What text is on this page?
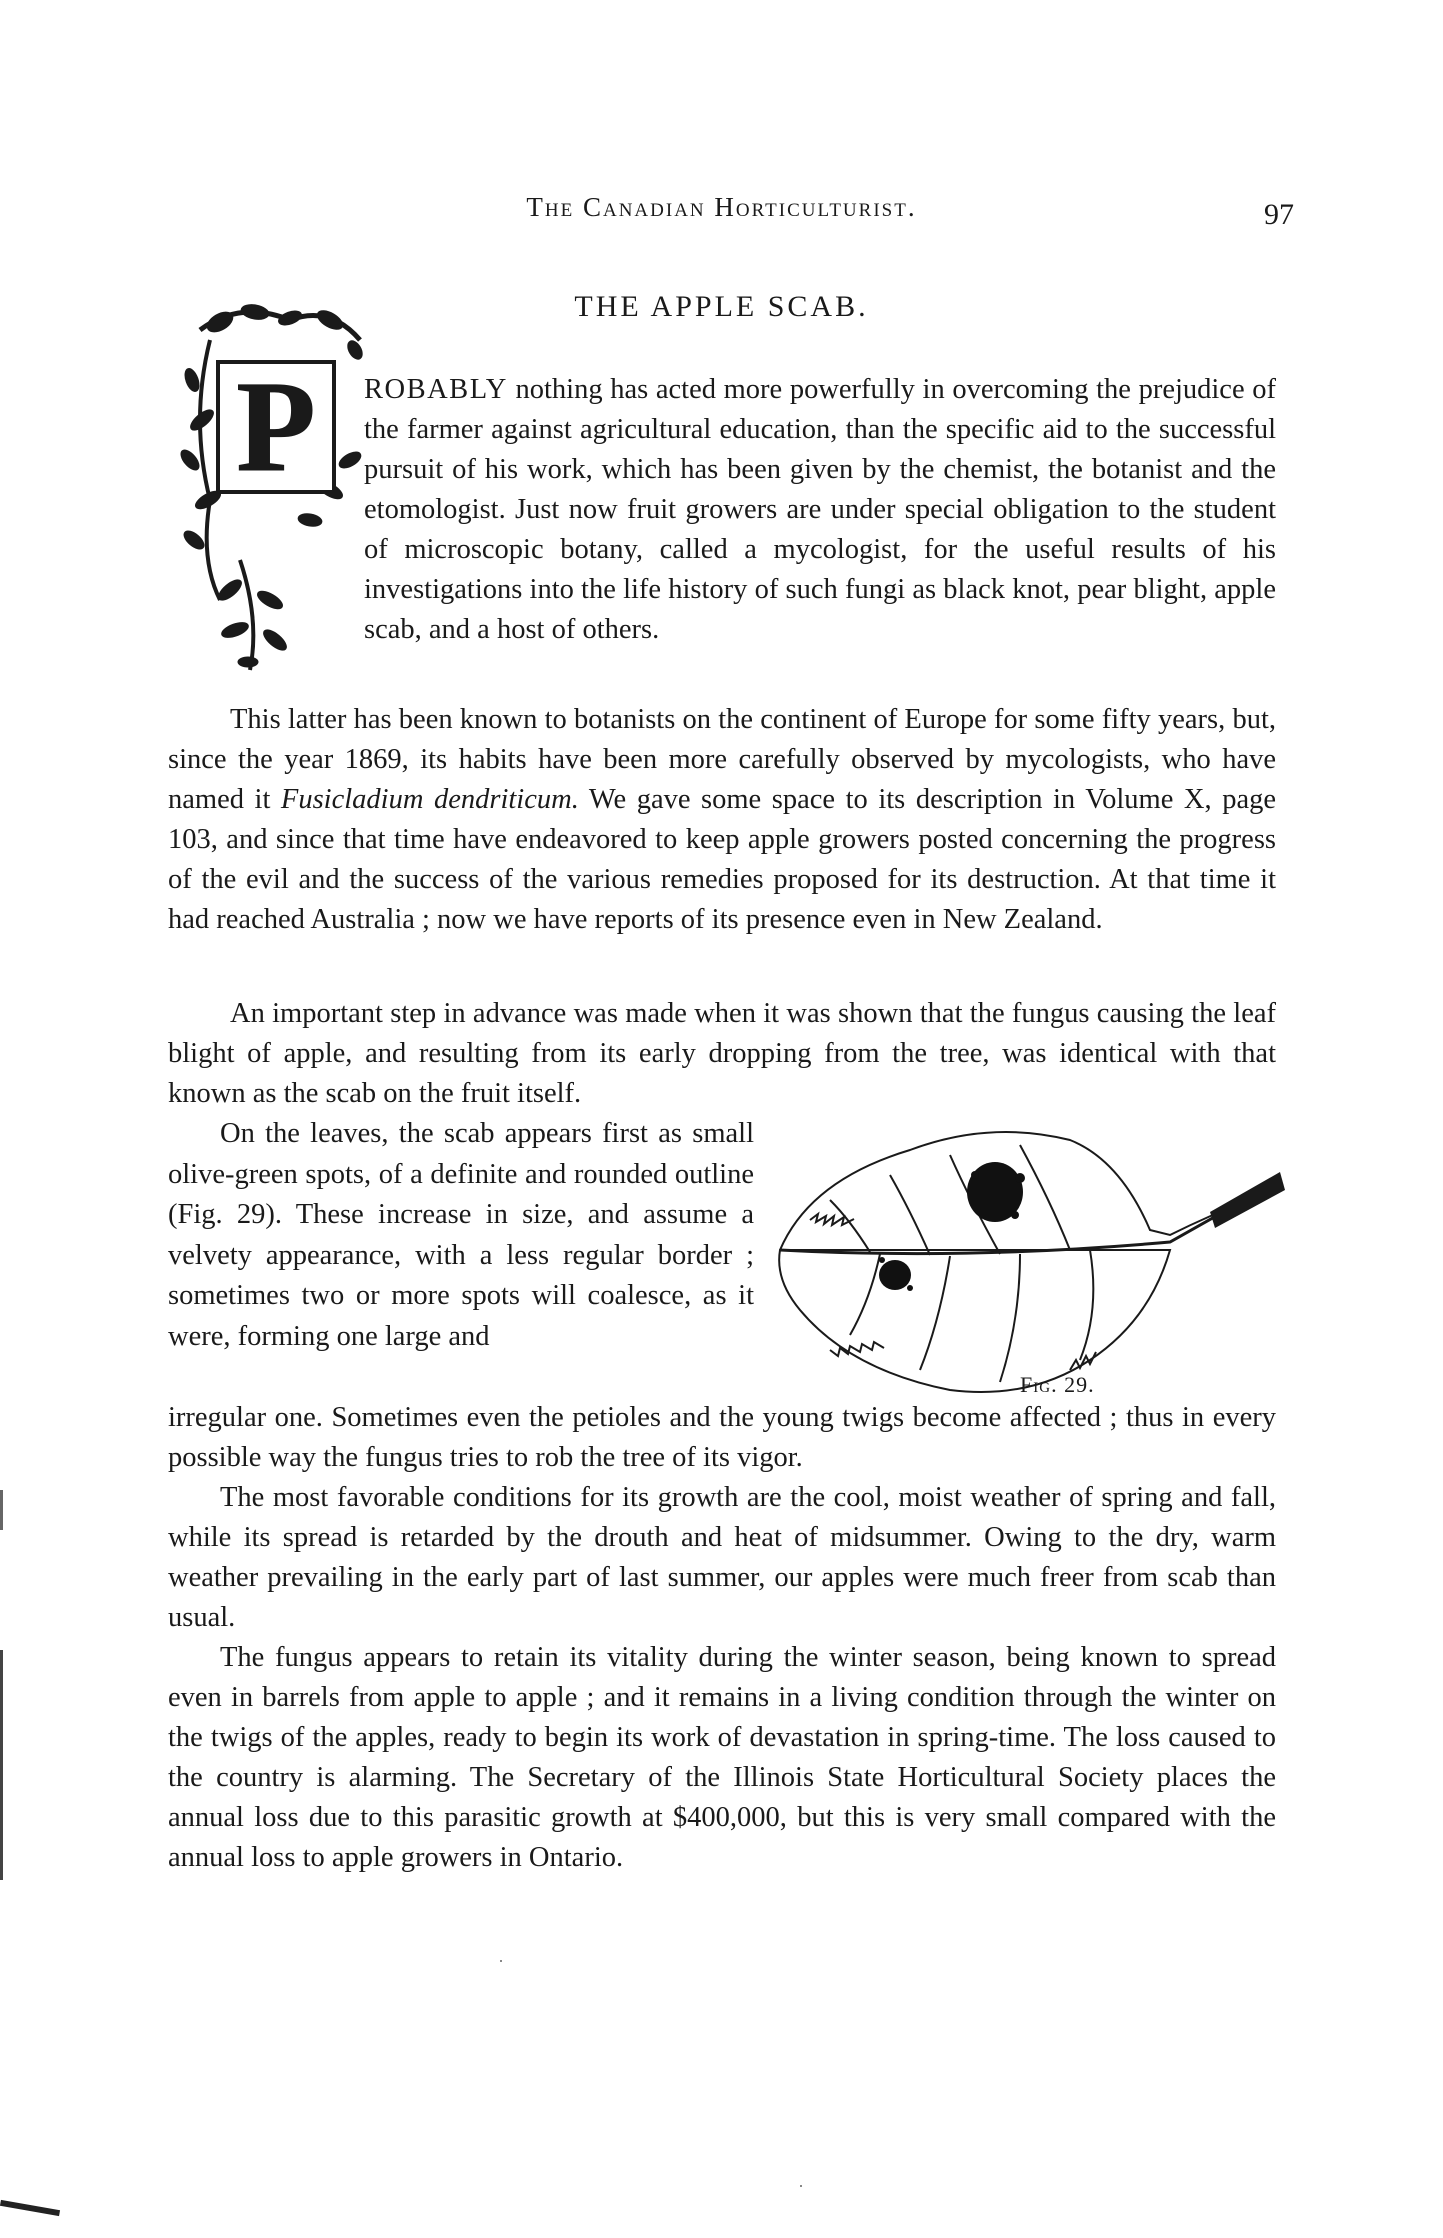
The Canadian Horticulturist.	97
THE APPLE SCAB.
P ROBABLY nothing has acted more powerfully in overcoming the prejudice of the farmer against agricultural education, than the specific aid to the successful pursuit of his work, which has been given by the chemist, the botanist and the etomologist. Just now fruit growers are under special obligation to the student of microscopic botany, called a mycologist, for the useful results of his investigations into the life history of such fungi as black knot, pear blight, apple scab, and a host of others.
This latter has been known to botanists on the continent of Europe for some fifty years, but, since the year 1869, its habits have been more carefully observed by mycologists, who have named it Fusicladium dendriticum. We gave some space to its description in Volume X, page 103, and since that time have endeavored to keep apple growers posted concerning the progress of the evil and the success of the various remedies proposed for its destruction. At that time it had reached Australia ; now we have reports of its presence even in New Zealand.
An important step in advance was made when it was shown that the fungus causing the leaf blight of apple, and resulting from its early dropping from the tree, was identical with that known as the scab on the fruit itself.
On the leaves, the scab appears first as small olive-green spots, of a definite and rounded outline (Fig. 29). These increase in size, and assume a velvety appearance, with a less regular border ; sometimes two or more spots will coalesce, as it were, forming one large and
irregular one. Sometimes even the petioles and the young twigs become affected ; thus in every possible way the fungus tries to rob the tree of its vigor.
Fig. 29.
The most favorable conditions for its growth are the cool, moist weather of spring and fall, while its spread is retarded by the drouth and heat of midsummer. Owing to the dry, warm weather prevailing in the early part of last summer, our apples were much freer from scab than usual.
The fungus appears to retain its vitality during the winter season, being known to spread even in barrels from apple to apple ; and it remains in a living condition through the winter on the twigs of the apples, ready to begin its work of devastation in spring-time. The loss caused to the country is alarming. The Secretary of the Illinois State Horticultural Society places the annual loss due to this parasitic growth at $400,000, but this is very small compared with the annual loss to apple growers in Ontario.
